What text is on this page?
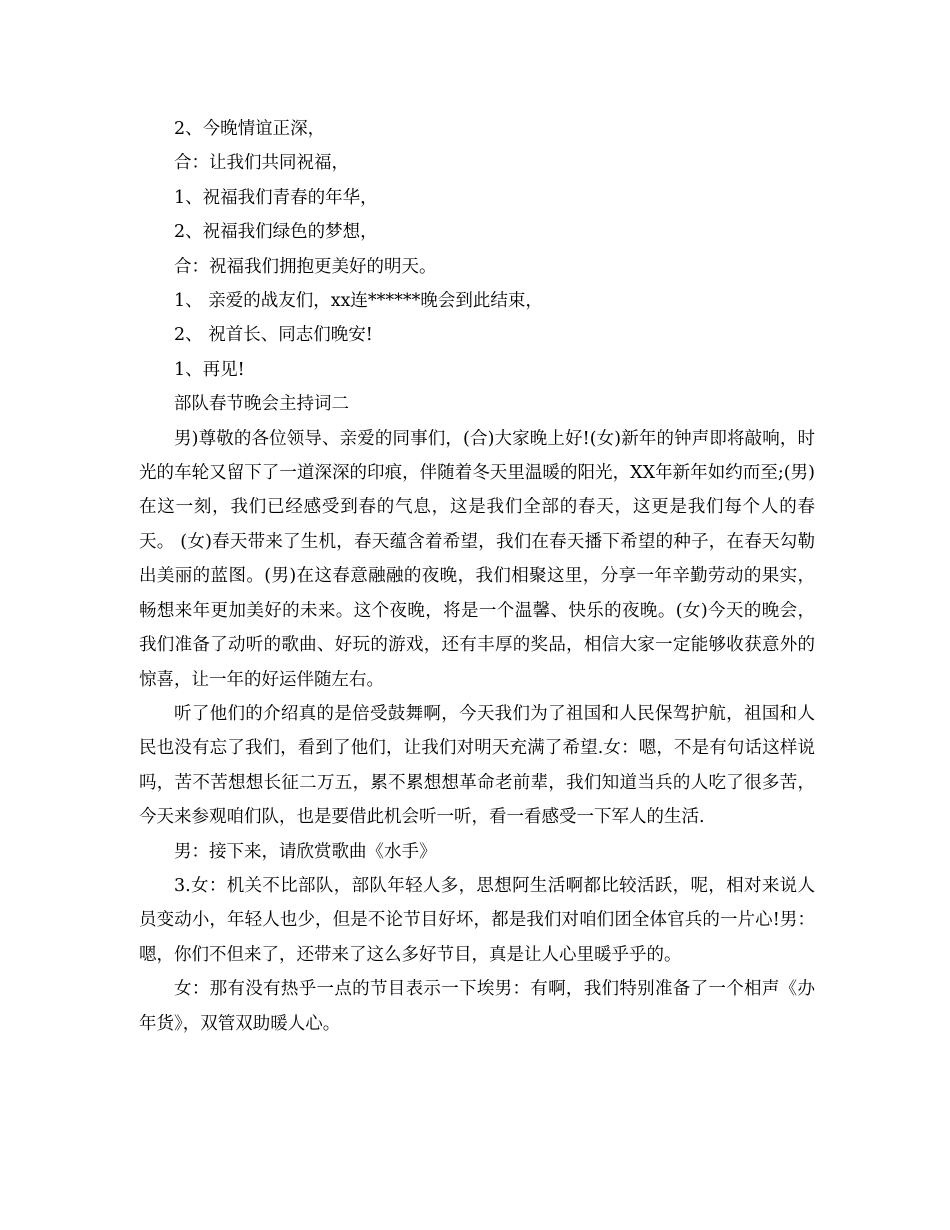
2、今晚情谊正深，

合：让我们共同祝福，

1、祝福我们青春的年华，

2、祝福我们绿色的梦想，

合：祝福我们拥抱更美好的明天。

1、 亲爱的战友们，xx连******晚会到此结束，

2、 祝首长、同志们晚安!

1、再见!

部队春节晚会主持词二

男)尊敬的各位领导、亲爱的同事们，(合)大家晚上好!(女)新年的钟声即将敲响，时光的车轮又留下了一道深深的印痕，伴随着冬天里温暖的阳光，XX年新年如约而至;(男)在这一刻，我们已经感受到春的气息，这是我们全部的春天，这更是我们每个人的春天。 (女)春天带来了生机，春天蕴含着希望，我们在春天播下希望的种子，在春天勾勒出美丽的蓝图。(男)在这春意融融的夜晚，我们相聚这里，分享一年辛勤劳动的果实，畅想来年更加美好的未来。这个夜晚，将是一个温馨、快乐的夜晚。(女)今天的晚会，我们准备了动听的歌曲、好玩的游戏，还有丰厚的奖品，相信大家一定能够收获意外的惊喜，让一年的好运伴随左右。

听了他们的介绍真的是倍受鼓舞啊，今天我们为了祖国和人民保驾护航，祖国和人民也没有忘了我们，看到了他们，让我们对明天充满了希望.女：嗯，不是有句话这样说吗，苦不苦想想长征二万五，累不累想想革命老前辈，我们知道当兵的人吃了很多苦，今天来参观咱们队，也是要借此机会听一听，看一看感受一下军人的生活.

男：接下来，请欣赏歌曲《水手》

3.女：机关不比部队，部队年轻人多，思想阿生活啊都比较活跃，呢，相对来说人员变动小，年轻人也少，但是不论节目好坏，都是我们对咱们团全体官兵的一片心!男：嗯，你们不但来了，还带来了这么多好节目，真是让人心里暖乎乎的。

女：那有没有热乎一点的节目表示一下埃男：有啊，我们特别准备了一个相声《办年货》，双管双助暖人心。
